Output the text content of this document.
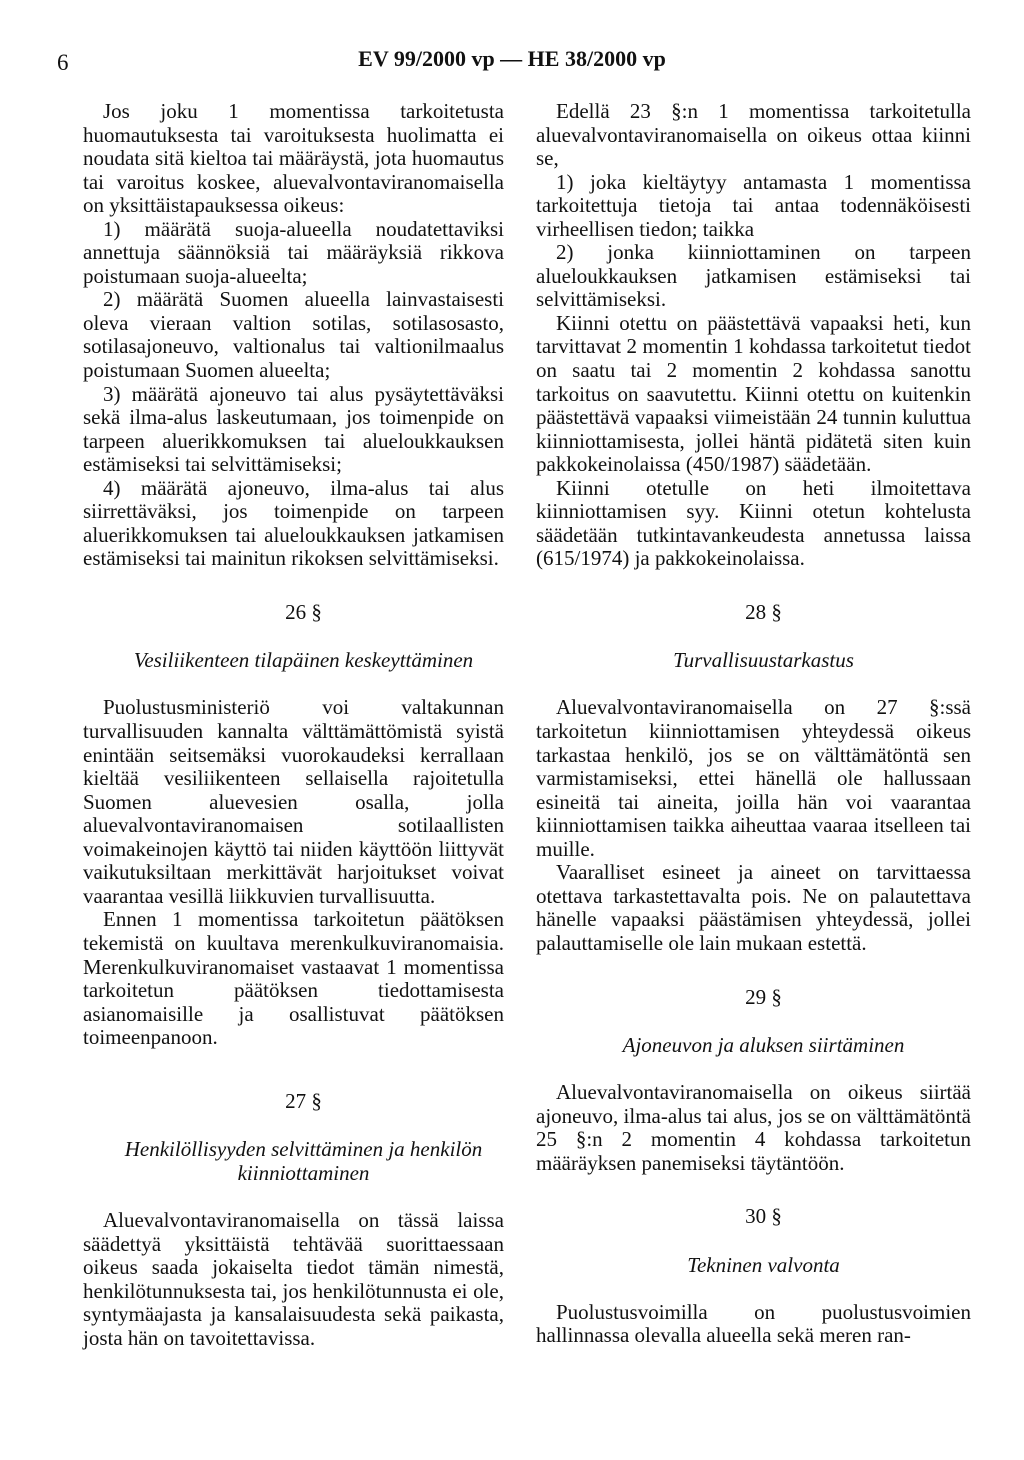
6	EV 99/2000 vp — HE 38/2000 vp

Jos joku 1 momentissa tarkoitetusta huomautuksesta tai varoituksesta huolimatta ei noudata sitä kieltoa tai määräystä, jota huomautus tai varoitus koskee, aluevalvontaviranomaisella on yksittäistapauksessa oikeus:

1) määrätä suoja-alueella noudatettaviksi annettuja säännöksiä tai määräyksiä rikkova poistumaan suoja-alueelta;

2) määrätä Suomen alueella lainvastaisesti oleva vieraan valtion sotilas, sotilasosasto, sotilasajoneuvo, valtionalus tai valtionilmaalus poistumaan Suomen alueelta;

3) määrätä ajoneuvo tai alus pysäytettäväksi sekä ilma-alus laskeutumaan, jos toimenpide on tarpeen aluerikkomuksen tai alueloukkauksen estämiseksi tai selvittämiseksi;

4) määrätä ajoneuvo, ilma-alus tai alus siirrettäväksi, jos toimenpide on tarpeen aluerikkomuksen tai alueloukkauksen jatkamisen estämiseksi tai mainitun rikoksen selvittämiseksi.

26 §

Vesiliikenteen tilapäinen keskeyttäminen

Puolustusministeriö voi valtakunnan turvallisuuden kannalta välttämättömistä syistä enintään seitsemäksi vuorokaudeksi kerrallaan kieltää vesiliikenteen sellaisella rajoitetulla Suomen aluevesien osalla, jolla aluevalvontaviranomaisen sotilaallisten voimakeinojen käyttö tai niiden käyttöön liittyvät vaikutuksiltaan merkittävät harjoitukset voivat vaarantaa vesillä liikkuvien turvallisuutta.

Ennen 1 momentissa tarkoitetun päätöksen tekemistä on kuultava merenkulkuviranomaisia. Merenkulkuviranomaiset vastaavat 1 momentissa tarkoitetun päätöksen tiedottamisesta asianomaisille ja osallistuvat päätöksen toimeenpanoon.

27 §

Henkilöllisyyden selvittäminen ja henkilön

kiinniottaminen

Aluevalvontaviranomaisella on tässä laissa säädettyä yksittäistä tehtävää suorittaessaan oikeus saada jokaiselta tiedot tämän nimestä, henkilötunnuksesta tai, jos henkilötunnusta ei ole, syntymäajasta ja kansalaisuudesta sekä paikasta, josta hän on tavoitettavissa.

Edellä 23 §:n 1 momentissa tarkoitetulla aluevalvontaviranomaisella on oikeus ottaa kiinni se,

1) joka kieltäytyy antamasta 1 momentissa tarkoitettuja tietoja tai antaa todennäköisesti virheellisen tiedon; taikka

2) jonka kiinniottaminen on tarpeen alueloukkauksen jatkamisen estämiseksi tai selvittämiseksi.

Kiinni otettu on päästettävä vapaaksi heti, kun tarvittavat 2 momentin 1 kohdassa tarkoitetut tiedot on saatu tai 2 momentin 2 kohdassa sanottu tarkoitus on saavutettu. Kiinni otettu on kuitenkin päästettävä vapaaksi viimeistään 24 tunnin kuluttua kiinniottamisesta, jollei häntä pidätetä siten kuin pakkokeinolaissa (450/1987) säädetään.

Kiinni otetulle on heti ilmoitettava kiinniottamisen syy. Kiinni otetun kohtelusta säädetään tutkintavankeudesta annetussa laissa (615/1974) ja pakkokeinolaissa.

28 §

Turvallisuustarkastus

Aluevalvontaviranomaisella on 27 §:ssä tarkoitetun kiinniottamisen yhteydessä oikeus tarkastaa henkilö, jos se on välttämätöntä sen varmistamiseksi, ettei hänellä ole hallussaan esineitä tai aineita, joilla hän voi vaarantaa kiinniottamisen taikka aiheuttaa vaaraa itselleen tai muille.

Vaaralliset esineet ja aineet on tarvittaessa otettava tarkastettavalta pois. Ne on palautettava hänelle vapaaksi päästämisen yhteydessä, jollei palauttamiselle ole lain mukaan estettä.

29 §

Ajoneuvon ja aluksen siirtäminen

Aluevalvontaviranomaisella on oikeus siirtää ajoneuvo, ilma-alus tai alus, jos se on välttämätöntä 25 §:n 2 momentin 4 kohdassa tarkoitetun määräyksen panemiseksi täytäntöön.

30 §

Tekninen valvonta

Puolustusvoimilla on puolustusvoimien hallinnassa olevalla alueella sekä meren ran-
